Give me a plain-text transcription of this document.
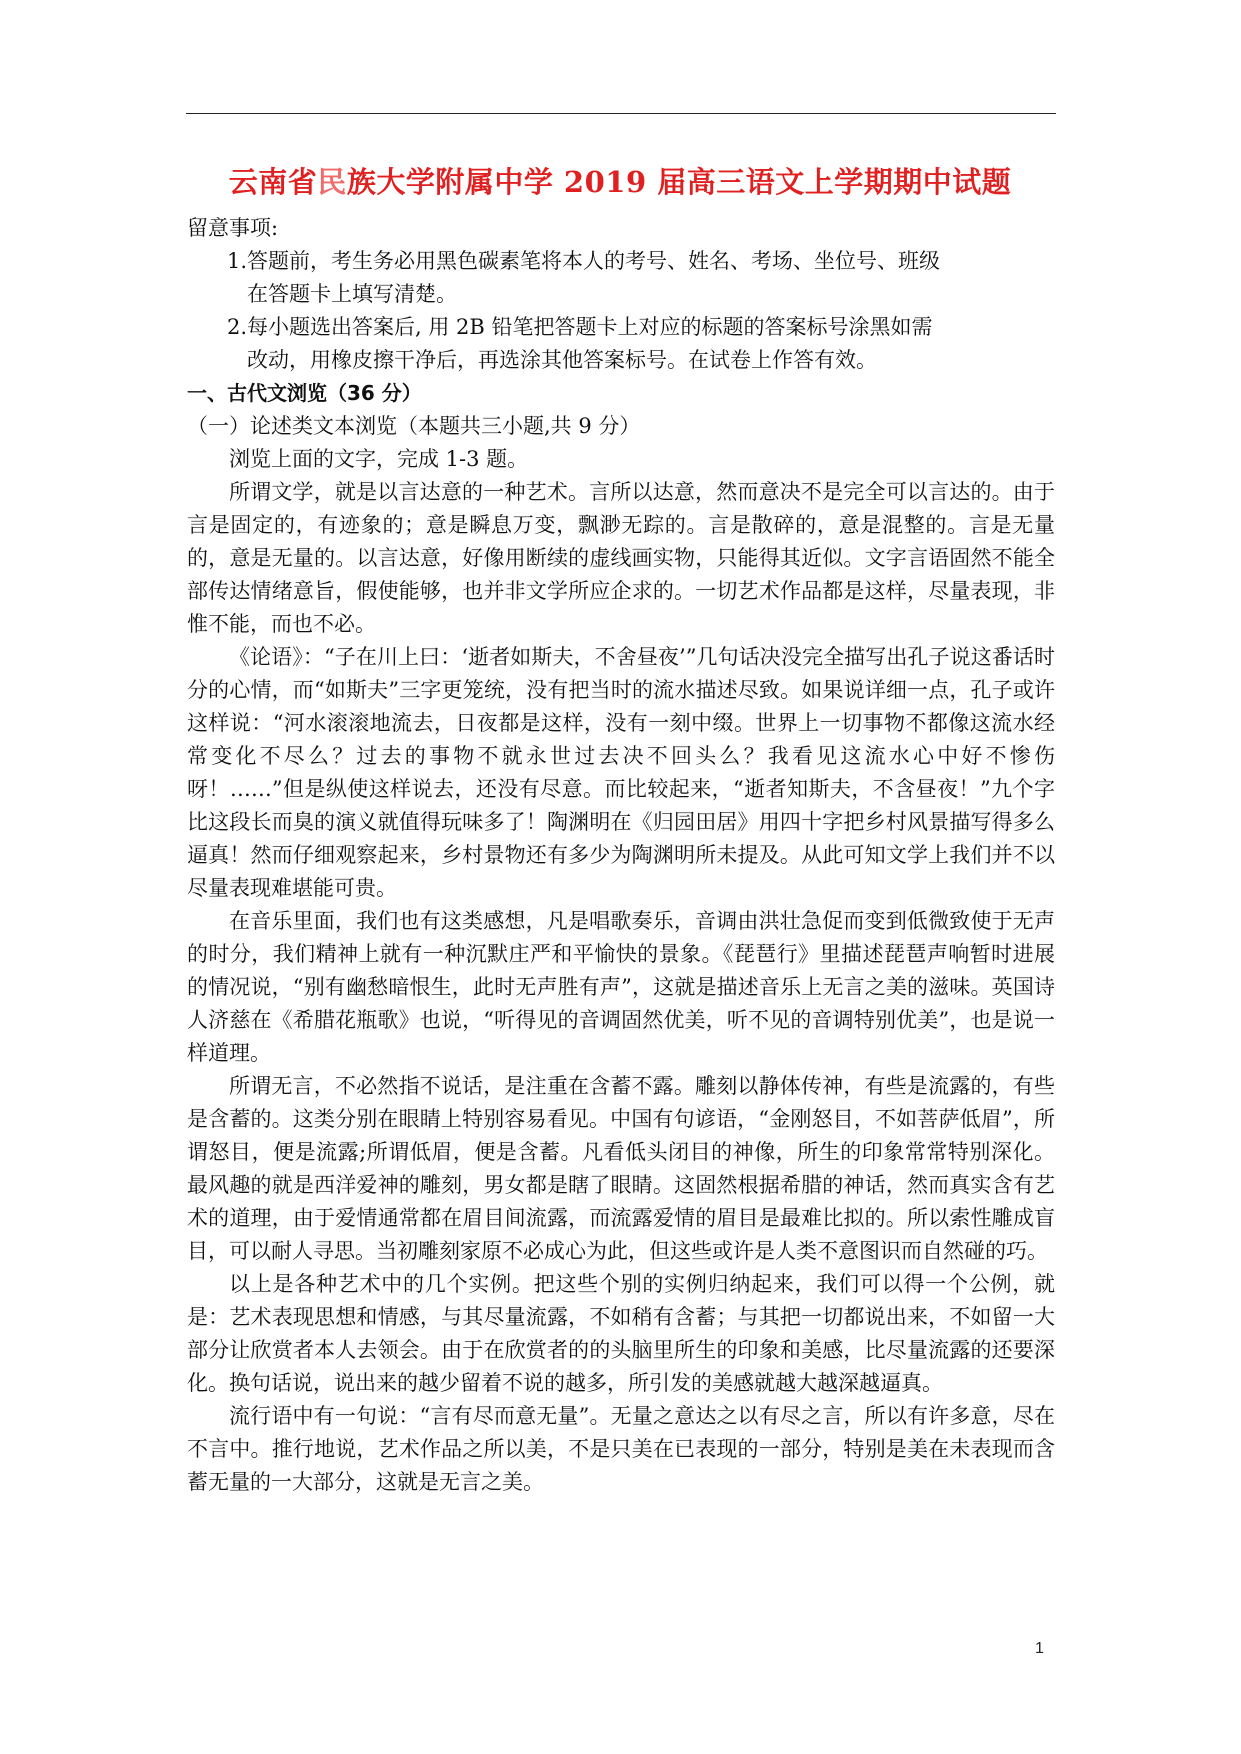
云南省民族大学附属中学 2019 届高三语文上学期期中试题

留意事项:

1.答题前，考生务必用黑色碳素笔将本人的考号、姓名、考场、坐位号、班级
在答题卡上填写清楚。
2.每小题选出答案后, 用 2B 铅笔把答题卡上对应的标题的答案标号涂黑如需
改动，用橡皮擦干净后，再选涂其他答案标号。在试卷上作答有效。

一、古代文浏览（36 分）

（一）论述类文本浏览（本题共三小题,共 9 分）

浏览上面的文字，完成 1-3 题。

所谓文学，就是以言达意的一种艺术。言所以达意，然而意决不是完全可以言达的。由于言是固定的，有迹象的；意是瞬息万变，飘渺无踪的。言是散碎的，意是混整的。言是无量的，意是无量的。以言达意，好像用断续的虚线画实物，只能得其近似。文字言语固然不能全部传达情绪意旨，假使能够，也并非文学所应企求的。一切艺术作品都是这样，尽量表现，非惟不能，而也不必。

《论语》：“子在川上曰：‘逝者如斯夫，不舍昼夜’”几句话决没完全描写出孔子说这番话时分的心情，而“如斯夫”三字更笼统，没有把当时的流水描述尽致。如果说详细一点，孔子或许这样说：“河水滚滚地流去，日夜都是这样，没有一刻中缀。世界上一切事物不都像这流水经常变化不尽么？过去的事物不就永世过去决不回头么？我看见这流水心中好不惨伤呀！……”但是纵使这样说去，还没有尽意。而比较起来，“逝者知斯夫，不含昼夜！”九个字比这段长而臭的演义就值得玩味多了！陶渊明在《归园田居》用四十字把乡村风景描写得多么逼真！然而仔细观察起来，乡村景物还有多少为陶渊明所未提及。从此可知文学上我们并不以尽量表现难堪能可贵。

在音乐里面，我们也有这类感想，凡是唱歌奏乐，音调由洪壮急促而变到低微致使于无声的时分，我们精神上就有一种沉默庄严和平愉快的景象。《琵琶行》里描述琵琶声响暂时进展的情况说，“别有幽愁暗恨生，此时无声胜有声”，这就是描述音乐上无言之美的滋味。英国诗人济慈在《希腊花瓶歌》也说，“听得见的音调固然优美，听不见的音调特别优美”，也是说一样道理。

所谓无言，不必然指不说话，是注重在含蓄不露。雕刻以静体传神，有些是流露的，有些是含蓄的。这类分别在眼睛上特别容易看见。中国有句谚语，“金刚怒目，不如菩萨低眉”，所谓怒目，便是流露;所谓低眉，便是含蓄。凡看低头闭目的神像，所生的印象常常特别深化。最风趣的就是西洋爱神的雕刻，男女都是瞎了眼睛。这固然根据希腊的神话，然而真实含有艺术的道理，由于爱情通常都在眉目间流露，而流露爱情的眉目是最难比拟的。所以索性雕成盲目，可以耐人寻思。当初雕刻家原不必成心为此，但这些或许是人类不意图识而自然碰的巧。

以上是各种艺术中的几个实例。把这些个别的实例归纳起来，我们可以得一个公例，就是：艺术表现思想和情感，与其尽量流露，不如稍有含蓄；与其把一切都说出来，不如留一大部分让欣赏者本人去领会。由于在欣赏者的的头脑里所生的印象和美感，比尽量流露的还要深化。换句话说，说出来的越少留着不说的越多，所引发的美感就越大越深越逼真。

流行语中有一句说：“言有尽而意无量”。无量之意达之以有尽之言，所以有许多意，尽在不言中。推行地说，艺术作品之所以美，不是只美在已表现的一部分，特别是美在未表现而含蓄无量的一大部分，这就是无言之美。

1
